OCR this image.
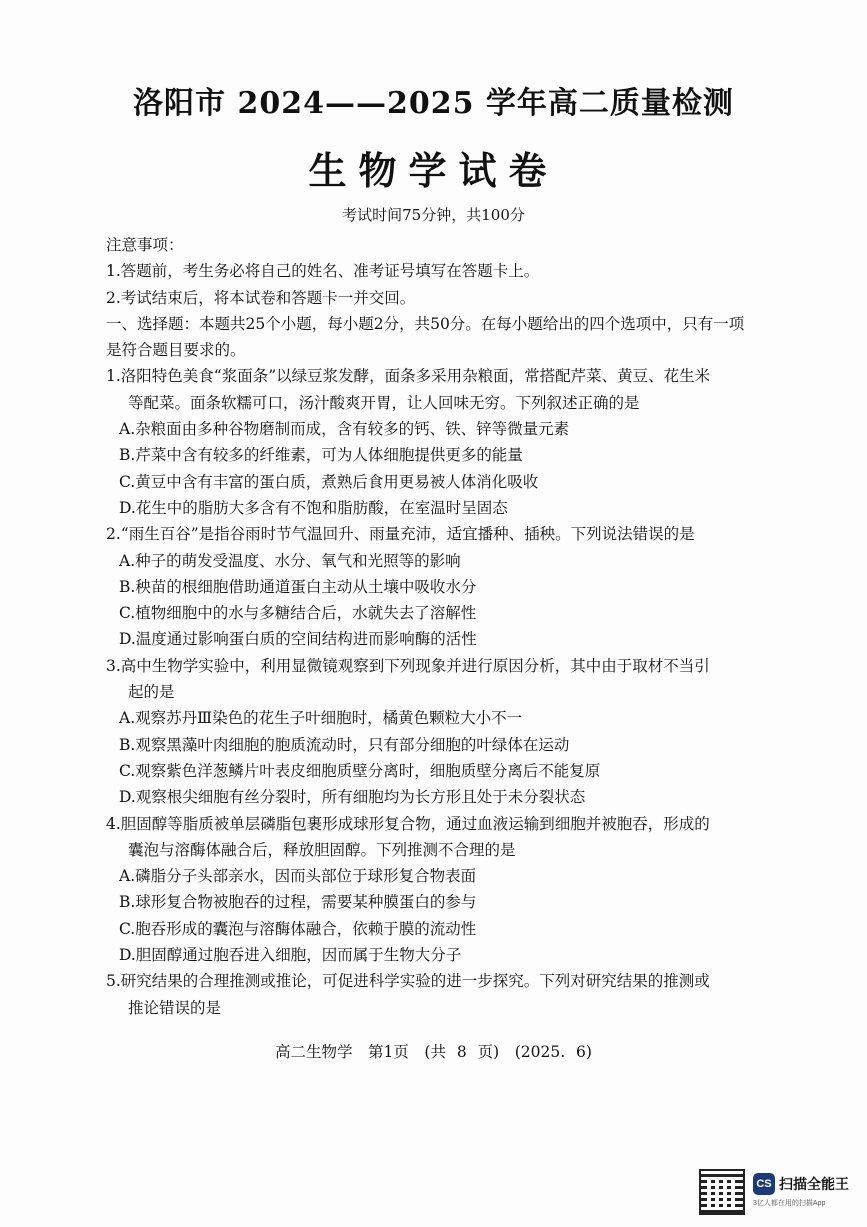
洛阳市 2024——2025 学年高二质量检测
生物学试卷
考试时间75分钟，共100分
注意事项：
1.答题前，考生务必将自己的姓名、准考证号填写在答题卡上。
2.考试结束后，将本试卷和答题卡一并交回。
一、选择题：本题共25个小题，每小题2分，共50分。在每小题给出的四个选项中，只有一项
是符合题目要求的。
1.洛阳特色美食“浆面条”以绿豆浆发酵，面条多采用杂粮面，常搭配芹菜、黄豆、花生米
等配菜。面条软糯可口，汤汁酸爽开胃，让人回味无穷。下列叙述正确的是
A.杂粮面由多种谷物磨制而成，含有较多的钙、铁、锌等微量元素
B.芹菜中含有较多的纤维素，可为人体细胞提供更多的能量
C.黄豆中含有丰富的蛋白质，煮熟后食用更易被人体消化吸收
D.花生中的脂肪大多含有不饱和脂肪酸，在室温时呈固态
2.“雨生百谷”是指谷雨时节气温回升、雨量充沛，适宜播种、插秧。下列说法错误的是
A.种子的萌发受温度、水分、氧气和光照等的影响
B.秧苗的根细胞借助通道蛋白主动从土壤中吸收水分
C.植物细胞中的水与多糖结合后，水就失去了溶解性
D.温度通过影响蛋白质的空间结构进而影响酶的活性
3.高中生物学实验中，利用显微镜观察到下列现象并进行原因分析，其中由于取材不当引
起的是
A.观察苏丹Ⅲ染色的花生子叶细胞时，橘黄色颗粒大小不一
B.观察黑藻叶肉细胞的胞质流动时，只有部分细胞的叶绿体在运动
C.观察紫色洋葱鳞片叶表皮细胞质壁分离时，细胞质壁分离后不能复原
D.观察根尖细胞有丝分裂时，所有细胞均为长方形且处于未分裂状态
4.胆固醇等脂质被单层磷脂包裹形成球形复合物，通过血液运输到细胞并被胞吞，形成的
囊泡与溶酶体融合后，释放胆固醇。下列推测不合理的是
A.磷脂分子头部亲水，因而头部位于球形复合物表面
B.球形复合物被胞吞的过程，需要某种膜蛋白的参与
C.胞吞形成的囊泡与溶酶体融合，依赖于膜的流动性
D.胆固醇通过胞吞进入细胞，因而属于生物大分子
5.研究结果的合理推测或推论，可促进科学实验的进一步探究。下列对研究结果的推测或
推论错误的是
高二生物学　第1页　(共 8 页)　(2025. 6)
CS 扫描全能王
3亿人都在用的扫描App
